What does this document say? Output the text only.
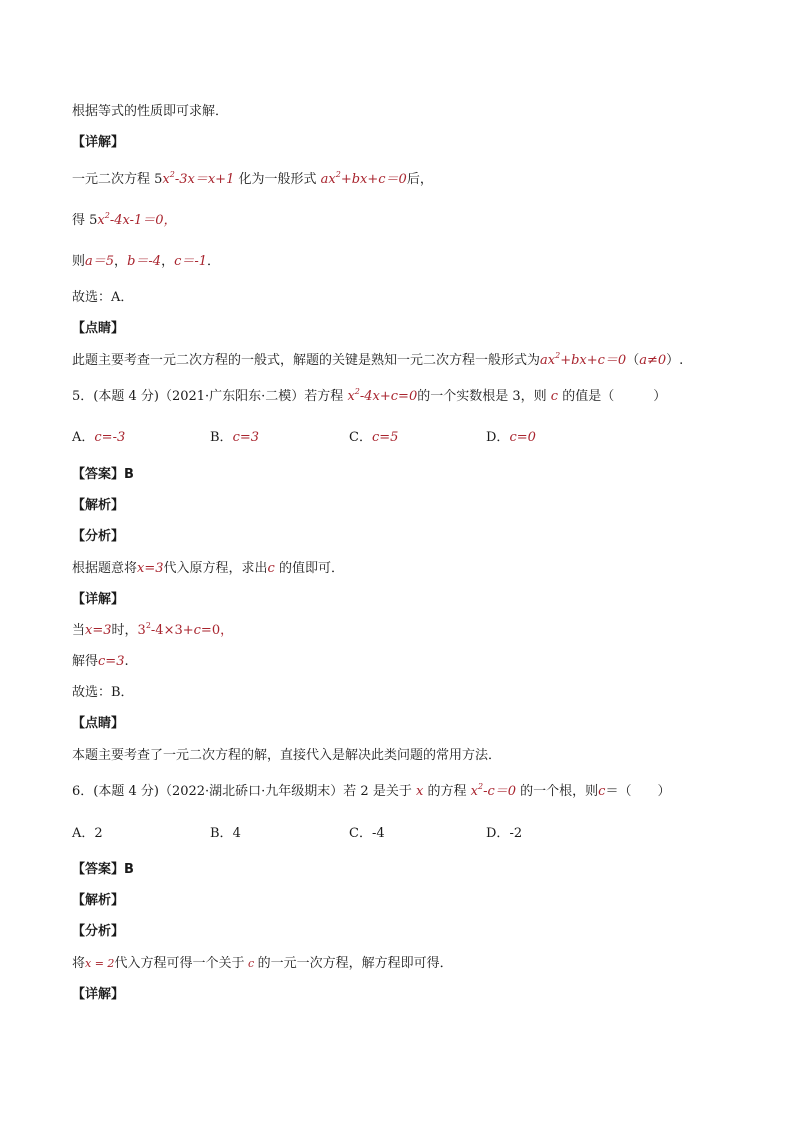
根据等式的性质即可求解．
【详解】
一元二次方程 $5x^2-3x=x+1$ 化为一般形式 $ax^2+bx+c=0$后，
得 $5x^2-4x-1=0$，
则a＝5，b＝-4，c＝-1．
故选：A．
【点睛】
此题主要考查一元二次方程的一般式，解题的关键是熟知一元二次方程一般形式为$ax^2+bx+c=0(a\ne 0)$.
5．(本题 4 分)（2021·广东阳东·二模）若方程 $x^2-4x+c=0$的一个实数根是 3，则 c 的值是（　　　）
A．c=-3	B．c=3	C．c=5	D．c=0
【答案】B
【解析】
【分析】
根据题意将x=3代入原方程，求出c 的值即可．
【详解】
当x=3时，$3^2-4\times 3+c=0$，
解得c=3.
故选：B．
【点睛】
本题主要考查了一元二次方程的解，直接代入是解决此类问题的常用方法．
6．(本题 4 分)（2022·湖北硚口·九年级期末）若 2 是关于 x 的方程 $x^2-c=0$ 的一个根，则c＝（　　）
A．2	B．4	C．-4	D．-2
【答案】B
【解析】
【分析】
将x = 2代入方程可得一个关于 c 的一元一次方程，解方程即可得．
【详解】
